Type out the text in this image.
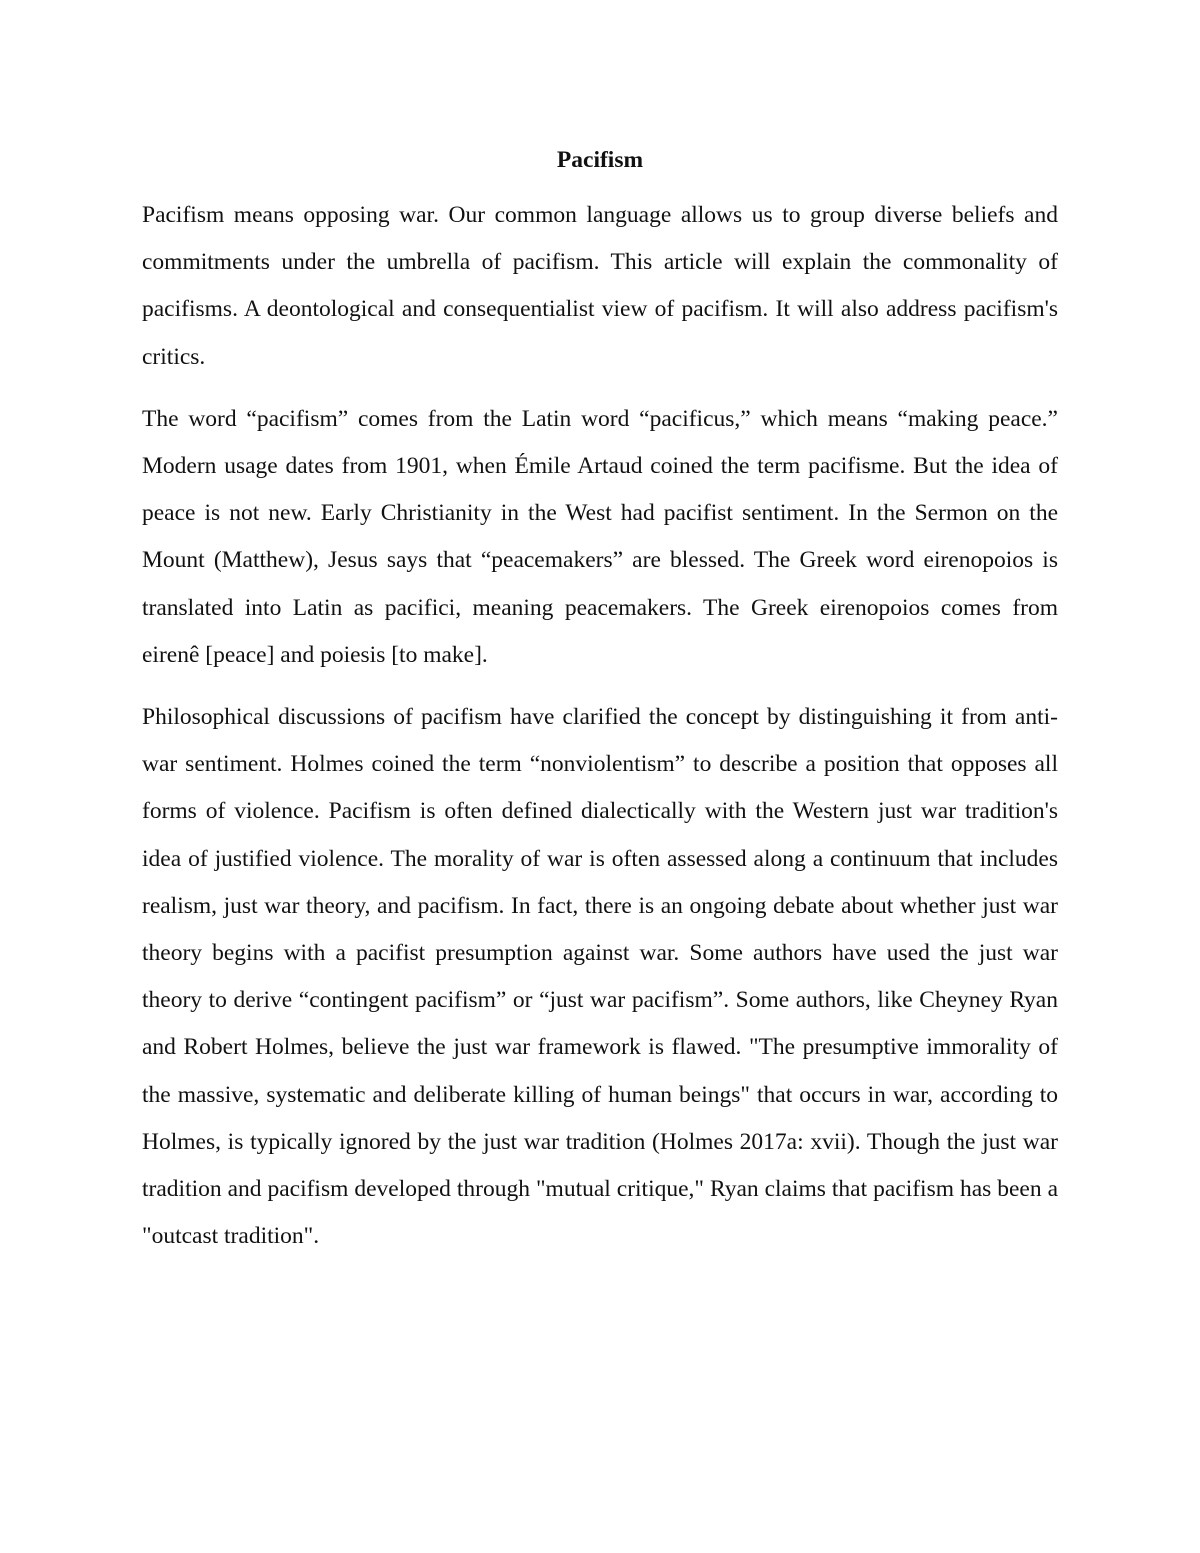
Pacifism

Pacifism means opposing war. Our common language allows us to group diverse beliefs and commitments under the umbrella of pacifism. This article will explain the commonality of pacifisms. A deontological and consequentialist view of pacifism. It will also address pacifism's critics.

The word “pacifism” comes from the Latin word “pacificus,” which means “making peace.” Modern usage dates from 1901, when Émile Artaud coined the term pacifisme. But the idea of peace is not new. Early Christianity in the West had pacifist sentiment. In the Sermon on the Mount (Matthew), Jesus says that “peacemakers” are blessed. The Greek word eirenopoios is translated into Latin as pacifici, meaning peacemakers. The Greek eirenopoios comes from eirenê [peace] and poiesis [to make].

Philosophical discussions of pacifism have clarified the concept by distinguishing it from anti-war sentiment. Holmes coined the term “nonviolentism” to describe a position that opposes all forms of violence. Pacifism is often defined dialectically with the Western just war tradition's idea of justified violence. The morality of war is often assessed along a continuum that includes realism, just war theory, and pacifism. In fact, there is an ongoing debate about whether just war theory begins with a pacifist presumption against war. Some authors have used the just war theory to derive “contingent pacifism” or “just war pacifism”. Some authors, like Cheyney Ryan and Robert Holmes, believe the just war framework is flawed. "The presumptive immorality of the massive, systematic and deliberate killing of human beings" that occurs in war, according to Holmes, is typically ignored by the just war tradition (Holmes 2017a: xvii). Though the just war tradition and pacifism developed through "mutual critique," Ryan claims that pacifism has been a "outcast tradition".
